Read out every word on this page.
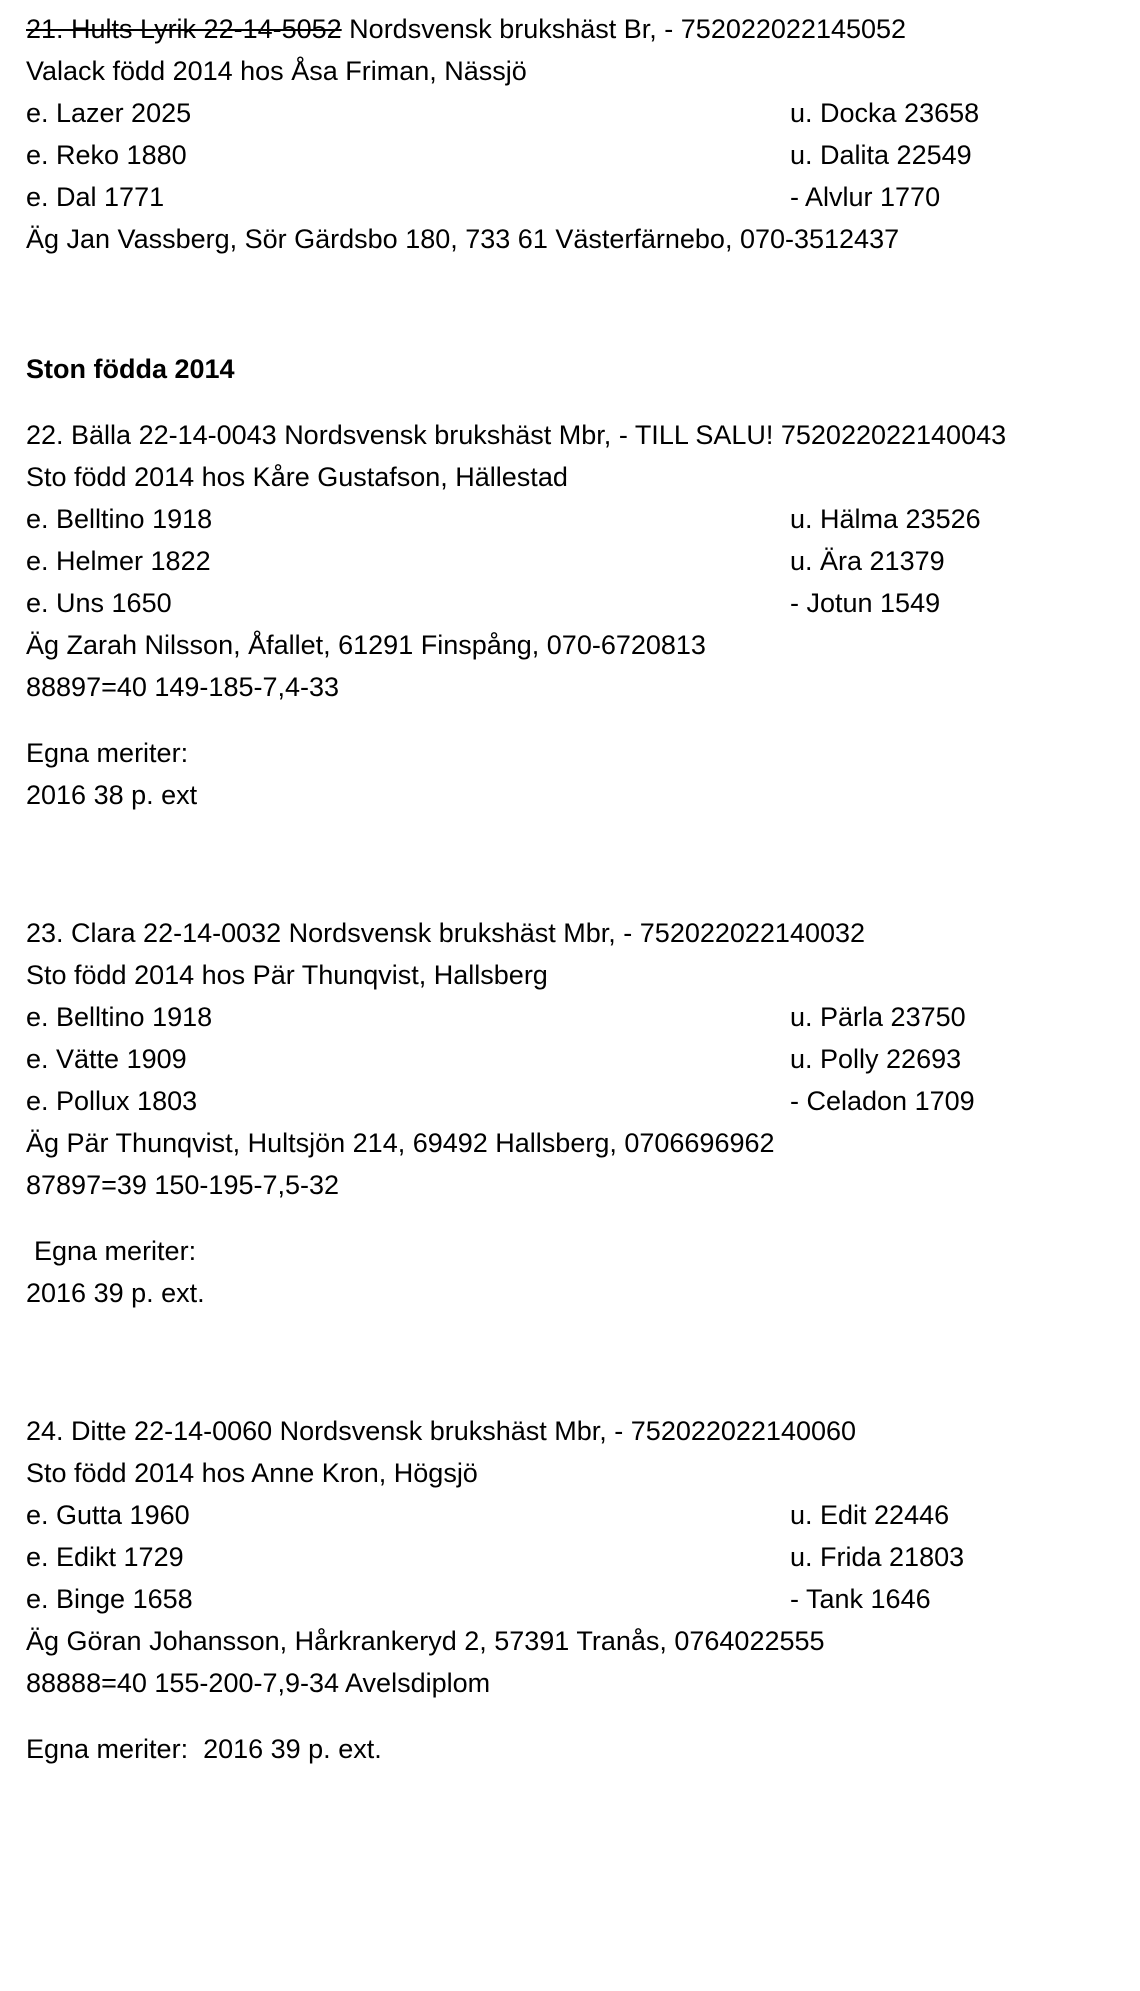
21. Hults Lyrik 22-14-5052 Nordsvensk brukshäst Br, - 752022022145052
Valack född 2014 hos Åsa Friman, Nässjö
e. Lazer 2025	u. Docka 23658
e. Reko 1880	u. Dalita 22549
e. Dal 1771	- Alvlur 1770
Äg Jan Vassberg, Sör Gärdsbo 180, 733 61 Västerfärnebo, 070-3512437
Ston födda 2014
22. Bälla 22-14-0043 Nordsvensk brukshäst Mbr, - TILL SALU! 752022022140043
Sto född 2014 hos Kåre Gustafson, Hällestad
e. Belltino 1918	u. Hälma 23526
e. Helmer 1822	u. Ära 21379
e. Uns 1650	- Jotun 1549
Äg Zarah Nilsson, Åfallet, 61291 Finspång, 070-6720813
88897=40 149-185-7,4-33
Egna meriter:
2016 38 p. ext
23. Clara 22-14-0032 Nordsvensk brukshäst Mbr, - 752022022140032
Sto född 2014 hos Pär Thunqvist, Hallsberg
e. Belltino 1918	u. Pärla 23750
e. Vätte 1909	u. Polly 22693
e. Pollux 1803	- Celadon 1709
Äg Pär Thunqvist, Hultsjön 214, 69492 Hallsberg, 0706696962
87897=39 150-195-7,5-32
Egna meriter:
2016 39 p. ext.
24. Ditte 22-14-0060 Nordsvensk brukshäst Mbr, - 752022022140060
Sto född 2014 hos Anne Kron, Högsjö
e. Gutta 1960	u. Edit 22446
e. Edikt 1729	u. Frida 21803
e. Binge 1658	- Tank 1646
Äg Göran Johansson, Hårkrankeryd 2, 57391 Tranås, 0764022555
88888=40 155-200-7,9-34 Avelsdiplom
Egna meriter:  2016 39 p. ext.
